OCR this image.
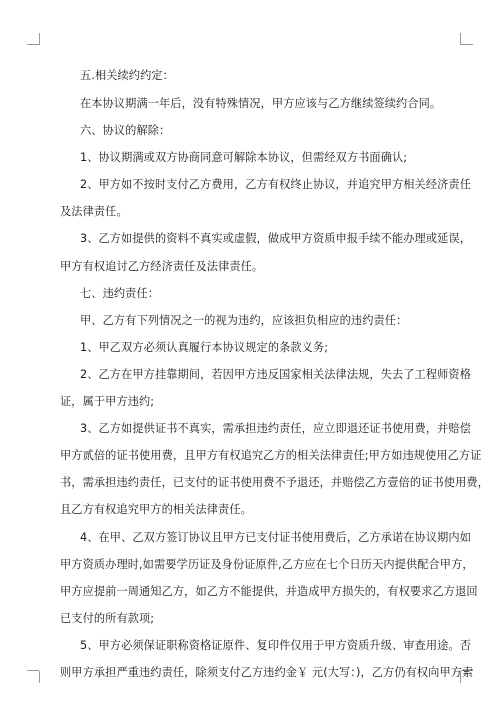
五.相关续约约定：
在本协议期满一年后，没有特殊情况，甲方应该与乙方继续签续约合同。
六、协议的解除：
1、协议期满或双方协商同意可解除本协议，但需经双方书面确认;
2、甲方如不按时支付乙方费用，乙方有权终止协议，并追究甲方相关经济责任
及法律责任。
3、乙方如提供的资料不真实或虚假，做成甲方资质申报手续不能办理或延误，
甲方有权追讨乙方经济责任及法律责任。
七、违约责任：
甲、乙方有下列情况之一的视为违约，应该担负相应的违约责任：
1、甲乙双方必须认真履行本协议规定的条款义务;
2、乙方在甲方挂靠期间，若因甲方违反国家相关法律法规，失去了工程师资格
证，属于甲方违约;
3、乙方如提供证书不真实，需承担违约责任，应立即退还证书使用费，并赔偿
甲方贰倍的证书使用费，且甲方有权追究乙方的相关法律责任;甲方如违规使用乙方证
书，需承担违约责任，已支付的证书使用费不予退还，并赔偿乙方壹倍的证书使用费，
且乙方有权追究甲方的相关法律责任。
4、在甲、乙双方签订协议且甲方已支付证书使用费后，乙方承诺在协议期内如
甲方资质办理时,如需要学历证及身份证原件,乙方应在七个日历天内提供配合甲方，
甲方应提前一周通知乙方，如乙方不能提供，并造成甲方损失的，有权要求乙方退回
已支付的所有款项;
5、甲方必须保证职称资格证原件、复印件仅用于甲方资质升级、审查用途。否
则甲方承担严重违约责任，除须支付乙方违约金￥ 元(大写：)，乙方仍有权向甲方索
